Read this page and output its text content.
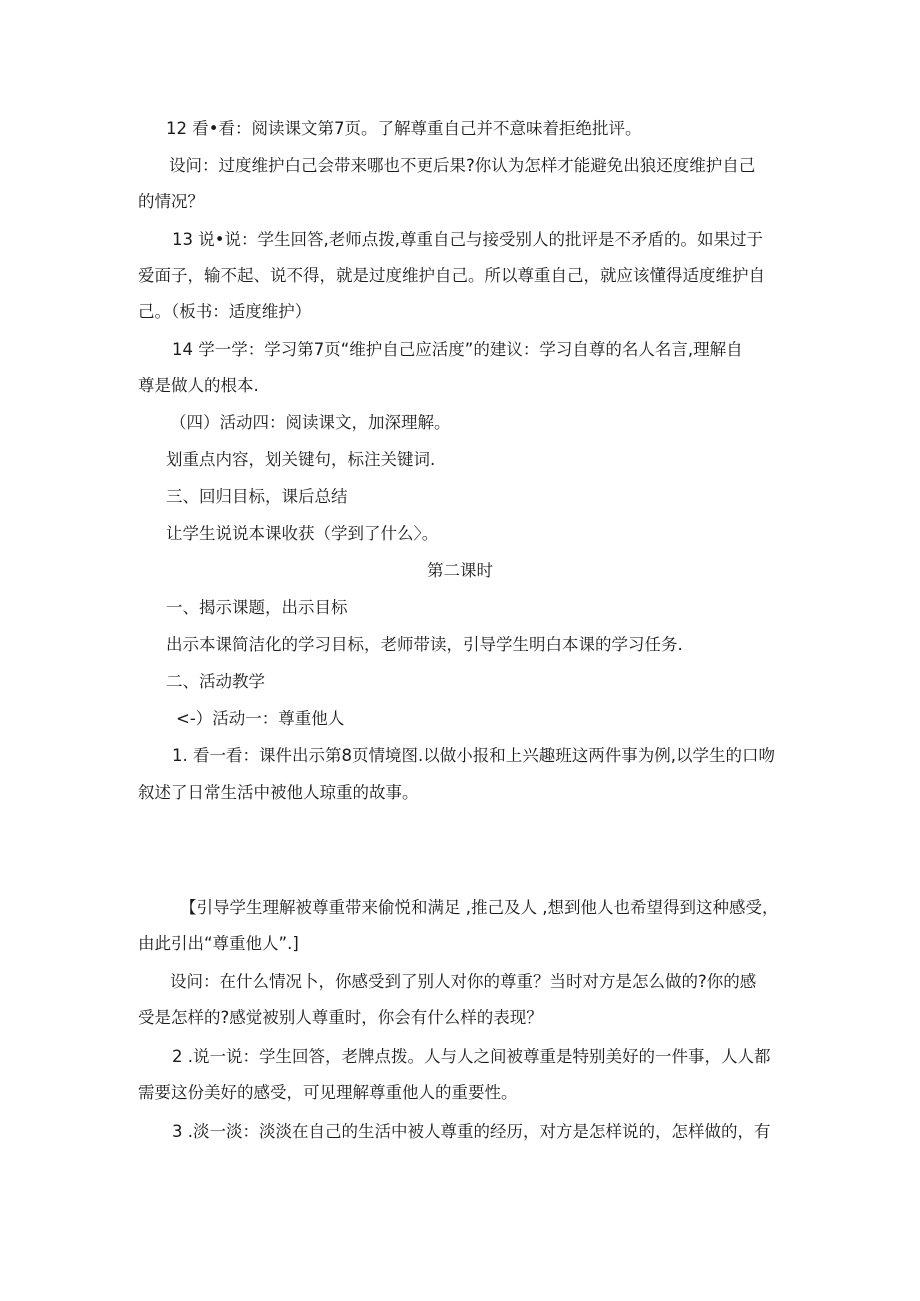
12 看•看：阅读课文第7页。了解尊重自己并不意味着拒绝批评。
设问：过度维护白己会带来哪也不更后果?你认为怎样才能避免出狼还度维护自己
的情况？
13 说•说：学生回答,老师点拨,尊重自己与接受别人的批评是不矛盾的。如果过于
爱面子，输不起、说不得，就是过度维护自己。所以尊重自己，就应该懂得适度维护自
己。（板书：适度维护）
14 学一学：学习第7页“维护自己应活度”的建议：学习自尊的名人名言,理解自
尊是做人的根本.
（四）活动四：阅读课文，加深理解。
划重点内容，划关键句，标注关键词.
三、回归目标，课后总结
让学生说说本课收获（学到了什么〉。
第二课时
一、揭示课题，出示目标
出示本课简洁化的学习目标，老师带读，引导学生明白本课的学习任务.
二、活动教学
<-）活动一：尊重他人
1. 看一看：课件出示第8页情境图.以做小报和上兴趣班这两件事为例,以学生的口吻
叙述了日常生活中被他人琼重的故事。
【引导学生理解被尊重带来偷悦和满足 ,推己及人 ,想到他人也希望得到这种感受，
由此引出“尊重他人”.]
设问：在什么情况卜，你感受到了别人对你的尊重？当时对方是怎么做的?你的感
受是怎样的?感觉被别人尊重时，你会有什么样的表现？
2 .说一说：学生回答，老牌点拨。人与人之间被尊重是特别美好的一件事，人人都
需要这份美好的感受，可见理解尊重他人的重要性。
3 .淡一淡：淡淡在自己的生活中被人尊重的经历，对方是怎样说的，怎样做的，有
